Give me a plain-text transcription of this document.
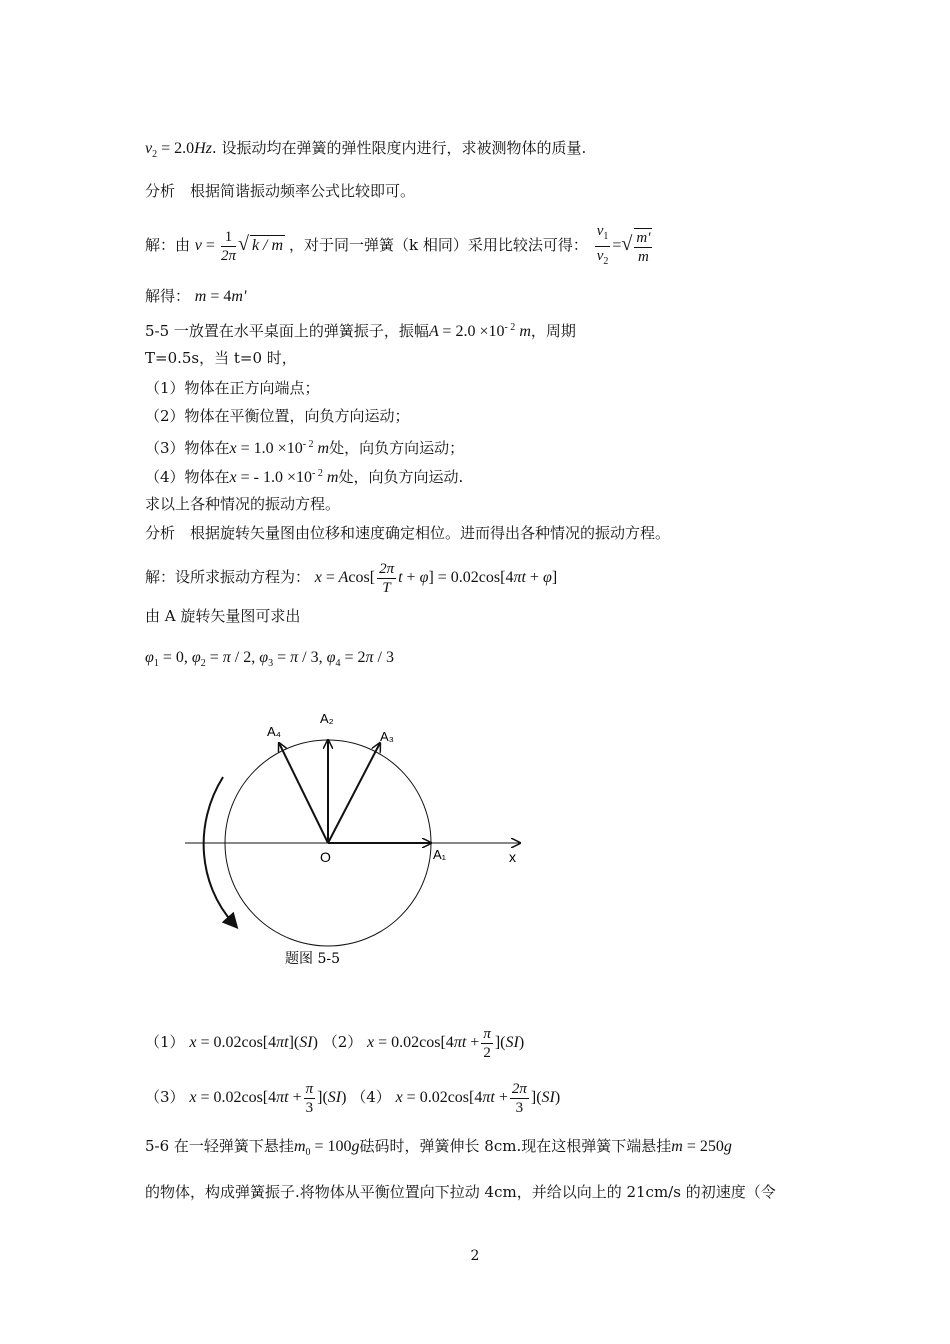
$\nu_2 = 2.0Hz$. 设振动均在弹簧的弹性限度内进行，求被测物体的质量.
分析　根据简谐振动频率公式比较即可。
解：由 $\nu = \frac{1}{2\pi}$ √ k / m ，对于同一弹簧（k 相同）采用比较法可得： $\frac{\nu_1}{\nu_2}$ =√ $\frac{m'}{m}$
解得： m = 4m'
5-5 一放置在水平桌面上的弹簧振子，振幅$A = 2.0 \times 10^{- 2}$ m，周期
T=0.5s，当 t=0 时，
（1）物体在正方向端点；
（2）物体在平衡位置，向负方向运动；
（3）物体在$x = 1.0 \times 10^{- 2}$ m处，向负方向运动；
（4）物体在x = - $1.0 \times 10^{- 2}$ m处，向负方向运动.
求以上各种情况的振动方程。
分析　根据旋转矢量图由位移和速度确定相位。进而得出各种情况的振动方程。
解：设所求振动方程为： $x = Acos[ \frac{2\pi}{T}$ t + φ] = 0.02cos[4πt + φ]
由 A 旋转矢量图可求出
$\varphi_1 = 0$, $\varphi_2 = \pi / 2$, $\varphi_3 = \pi / 3$, $\varphi_4 = 2\pi / 3$
O	A₁
A₂
A₃
A₄
x
题图 5-5
（1） x = 0.02cos[4πt](SI) （2） $x = 0.02\cos[4\pi t + \frac{\pi}{2} ](SI)$
（3） $x = 0.02\cos[4\pi t + \frac{\pi}{3} ](SI)$ （4） $x = 0.02\cos[4\pi t + \frac{2\pi}{3} ](SI)$
5-6 在一轻弹簧下悬挂$m_0 = 100g$砝码时，弹簧伸长 8cm.现在这根弹簧下端悬挂m = 250g
的物体，构成弹簧振子.将物体从平衡位置向下拉动 4cm，并给以向上的 21cm/s 的初速度（令
2
